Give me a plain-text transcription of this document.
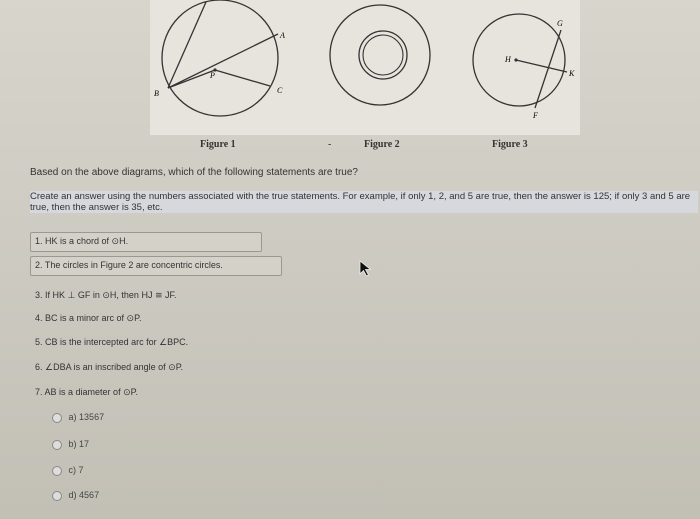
A
B	C
P
G
H
K
F
Figure 1	-	Figure 2	Figure 3
Based on the above diagrams, which of the following statements are true?
Create an answer using the numbers associated with the true statements. For example, if only 1, 2, and 5 are true, then the answer is 125; if only 3 and 5 are true, then the answer is 35, etc.
1. HK is a chord of ⊙H.
2. The circles in Figure 2 are concentric circles.
3. If HK ⊥ GF in ⊙H, then HJ ≅ JF.
4. BC is a minor arc of ⊙P.
5. CB is the intercepted arc for ∠BPC.
6. ∠DBA is an inscribed angle of ⊙P.
7. AB is a diameter of ⊙P.
a) 13567
b) 17
c) 7
d) 4567
